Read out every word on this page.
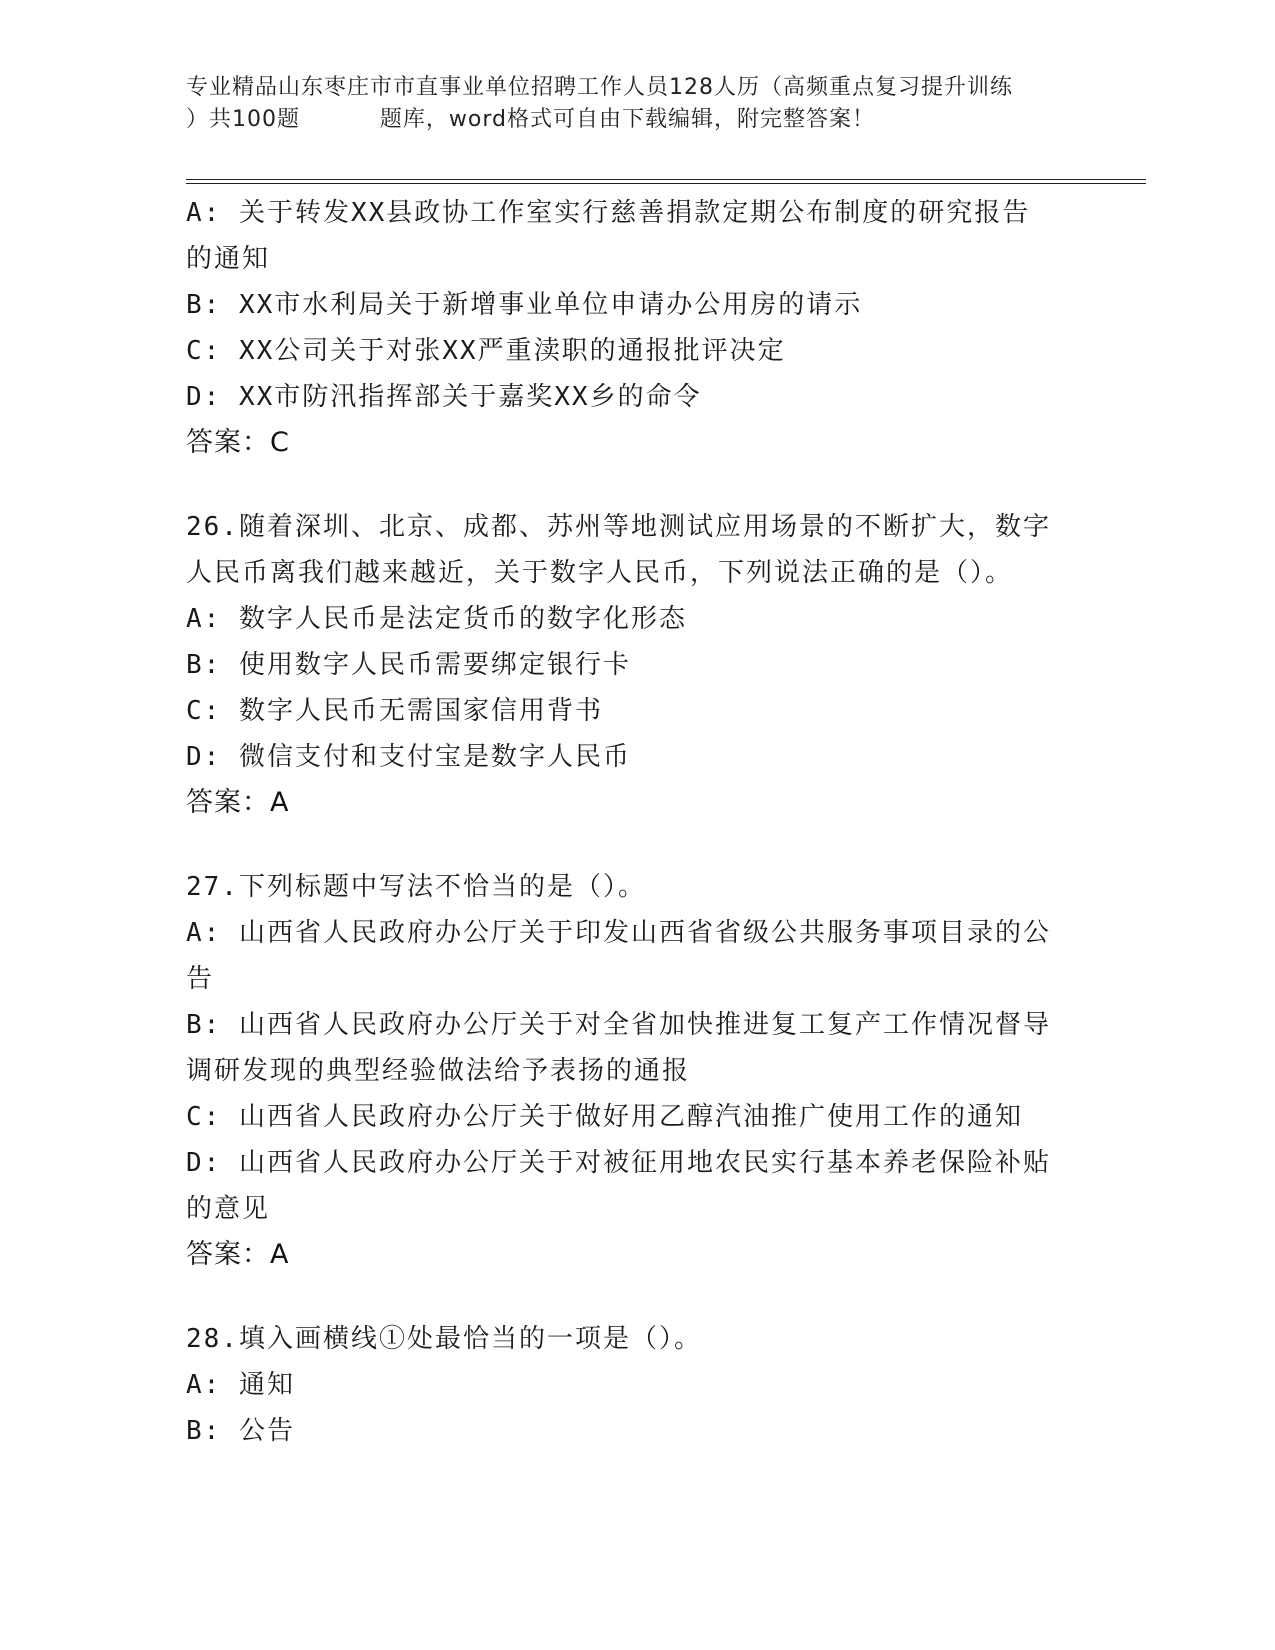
专业精品山东枣庄市市直事业单位招聘工作人员128人历（高频重点复习提升训练
）共100题          题库，word格式可自由下载编辑，附完整答案！
A: 关于转发XX县政协工作室实行慈善捐款定期公布制度的研究报告
的通知
B: XX市水利局关于新增事业单位申请办公用房的请示
C: XX公司关于对张XX严重渎职的通报批评决定
D: XX市防汛指挥部关于嘉奖XX乡的命令
答案：C
26.随着深圳、北京、成都、苏州等地测试应用场景的不断扩大，数字
人民币离我们越来越近，关于数字人民币，下列说法正确的是（）。
A: 数字人民币是法定货币的数字化形态
B: 使用数字人民币需要绑定银行卡
C: 数字人民币无需国家信用背书
D: 微信支付和支付宝是数字人民币
答案：A
27.下列标题中写法不恰当的是（）。
A: 山西省人民政府办公厅关于印发山西省省级公共服务事项目录的公
告
B: 山西省人民政府办公厅关于对全省加快推进复工复产工作情况督导
调研发现的典型经验做法给予表扬的通报
C: 山西省人民政府办公厅关于做好用乙醇汽油推广使用工作的通知
D: 山西省人民政府办公厅关于对被征用地农民实行基本养老保险补贴
的意见
答案：A
28.填入画横线①处最恰当的一项是（）。
A: 通知
B: 公告
